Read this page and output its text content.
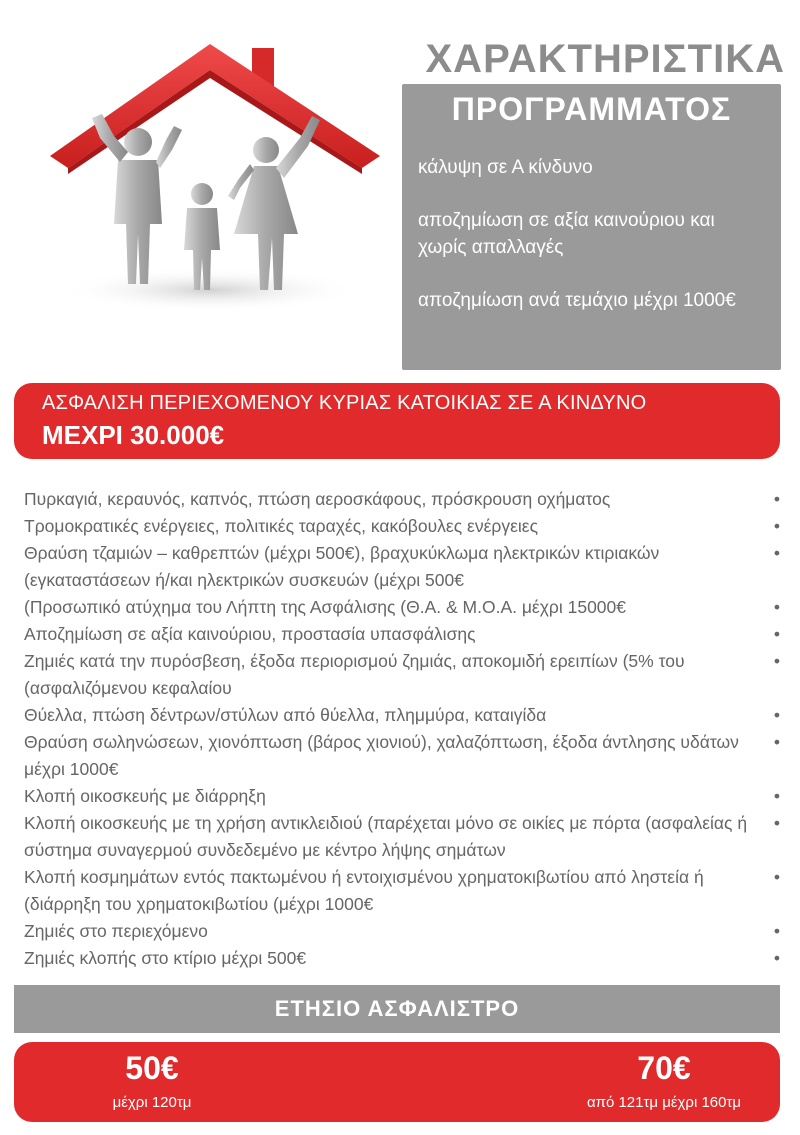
ΧΑΡΑΚΤΗΡΙΣΤΙΚΑ
ΠΡΟΓΡΑΜΜΑΤΟΣ
κάλυψη σε Α κίνδυνο
αποζημίωση σε αξία καινούριου και χωρίς απαλλαγές
αποζημίωση ανά τεμάχιο μέχρι 1000€
ΑΣΦΑΛΙΣΗ ΠΕΡΙΕΧΟΜΕΝΟΥ ΚΥΡΙΑΣ ΚΑΤΟΙΚΙΑΣ ΣΕ Α ΚΙΝΔΥΝΟ
ΜΕΧΡΙ 30.000€
Πυρκαγιά, κεραυνός, καπνός, πτώση αεροσκάφους, πρόσκρουση οχήματος	•
Τρομοκρατικές ενέργειες, πολιτικές ταραχές, κακόβουλες ενέργειες	•
Θραύση τζαμιών – καθρεπτών (μέχρι 500€), βραχυκύκλωμα ηλεκτρικών κτιριακών (εγκαταστάσεων ή/και ηλεκτρικών συσκευών (μέχρι 500€
•
(Προσωπικό ατύχημα του Λήπτη της Ασφάλισης (Θ.Α. & Μ.Ο.Α. μέχρι 15000€	•
Αποζημίωση σε αξία καινούριου, προστασία υπασφάλισης	•
Ζημιές κατά την πυρόσβεση, έξοδα περιορισμού ζημιάς, αποκομιδή ερειπίων (5% του (ασφαλιζόμενου κεφαλαίου
•
Θύελλα, πτώση δέντρων/στύλων από θύελλα, πλημμύρα, καταιγίδα	•
Θραύση σωληνώσεων, χιονόπτωση (βάρος χιονιού), χαλαζόπτωση, έξοδα άντλησης υδάτων μέχρι 1000€
•
Κλοπή οικοσκευής με διάρρηξη	•
Κλοπή οικοσκευής με τη χρήση αντικλειδιού (παρέχεται μόνο σε οικίες με πόρτα (ασφαλείας ή σύστημα συναγερμού συνδεδεμένο με κέντρο λήψης σημάτων
•
Κλοπή κοσμημάτων εντός πακτωμένου ή εντοιχισμένου χρηματοκιβωτίου από ληστεία ή (διάρρηξη του χρηματοκιβωτίου (μέχρι 1000€
•
Ζημιές στο περιεχόμενο	•
Ζημιές κλοπής στο κτίριο μέχρι 500€	•
ΕΤΗΣΙΟ ΑΣΦΑΛΙΣΤΡΟ
50€
μέχρι 120τμ
70€
από 121τμ μέχρι 160τμ
